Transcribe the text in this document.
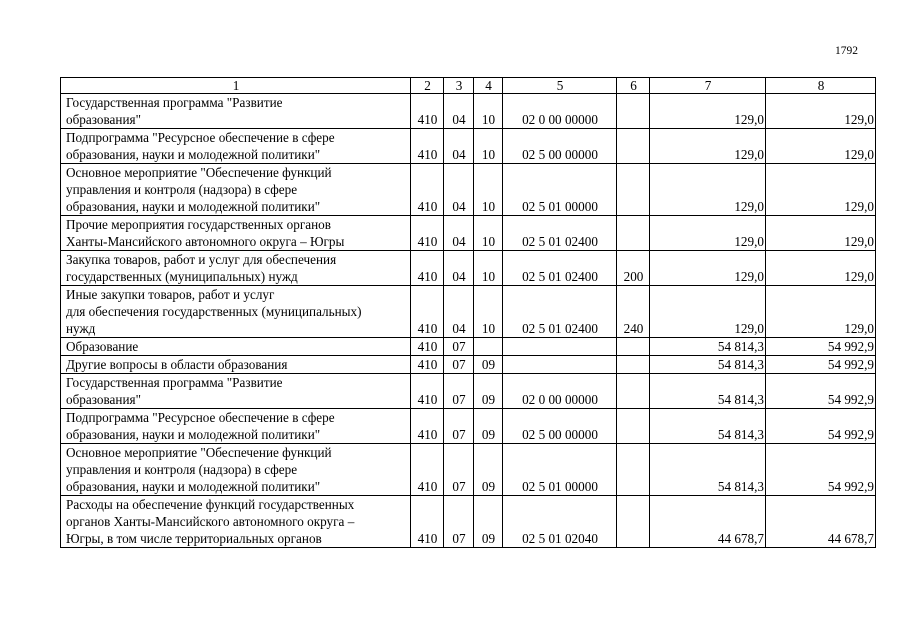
1792
1	2	3	4	5	6	7	8
Государственная программа "Развитие
образования"	410	04	10	02 0 00 00000		129,0	129,0
Подпрограмма "Ресурсное обеспечение в сфере
образования, науки и молодежной политики"	410	04	10	02 5 00 00000		129,0	129,0
Основное мероприятие "Обеспечение функций
управления и контроля (надзора) в сфере
образования, науки и молодежной политики"	410	04	10	02 5 01 00000		129,0	129,0
Прочие мероприятия государственных органов
Ханты-Мансийского автономного округа – Югры	410	04	10	02 5 01 02400		129,0	129,0
Закупка товаров, работ и услуг для обеспечения
государственных (муниципальных) нужд	410	04	10	02 5 01 02400	200	129,0	129,0
Иные закупки товаров, работ и услуг
для обеспечения государственных (муниципальных)
нужд	410	04	10	02 5 01 02400	240	129,0	129,0
Образование	410	07				54 814,3	54 992,9
Другие вопросы в области образования	410	07	09			54 814,3	54 992,9
Государственная программа "Развитие
образования"	410	07	09	02 0 00 00000		54 814,3	54 992,9
Подпрограмма "Ресурсное обеспечение в сфере
образования, науки и молодежной политики"	410	07	09	02 5 00 00000		54 814,3	54 992,9
Основное мероприятие "Обеспечение функций
управления и контроля (надзора) в сфере
образования, науки и молодежной политики"	410	07	09	02 5 01 00000		54 814,3	54 992,9
Расходы на обеспечение функций государственных
органов Ханты-Мансийского автономного округа –
Югры, в том числе территориальных органов	410	07	09	02 5 01 02040		44 678,7	44 678,7
